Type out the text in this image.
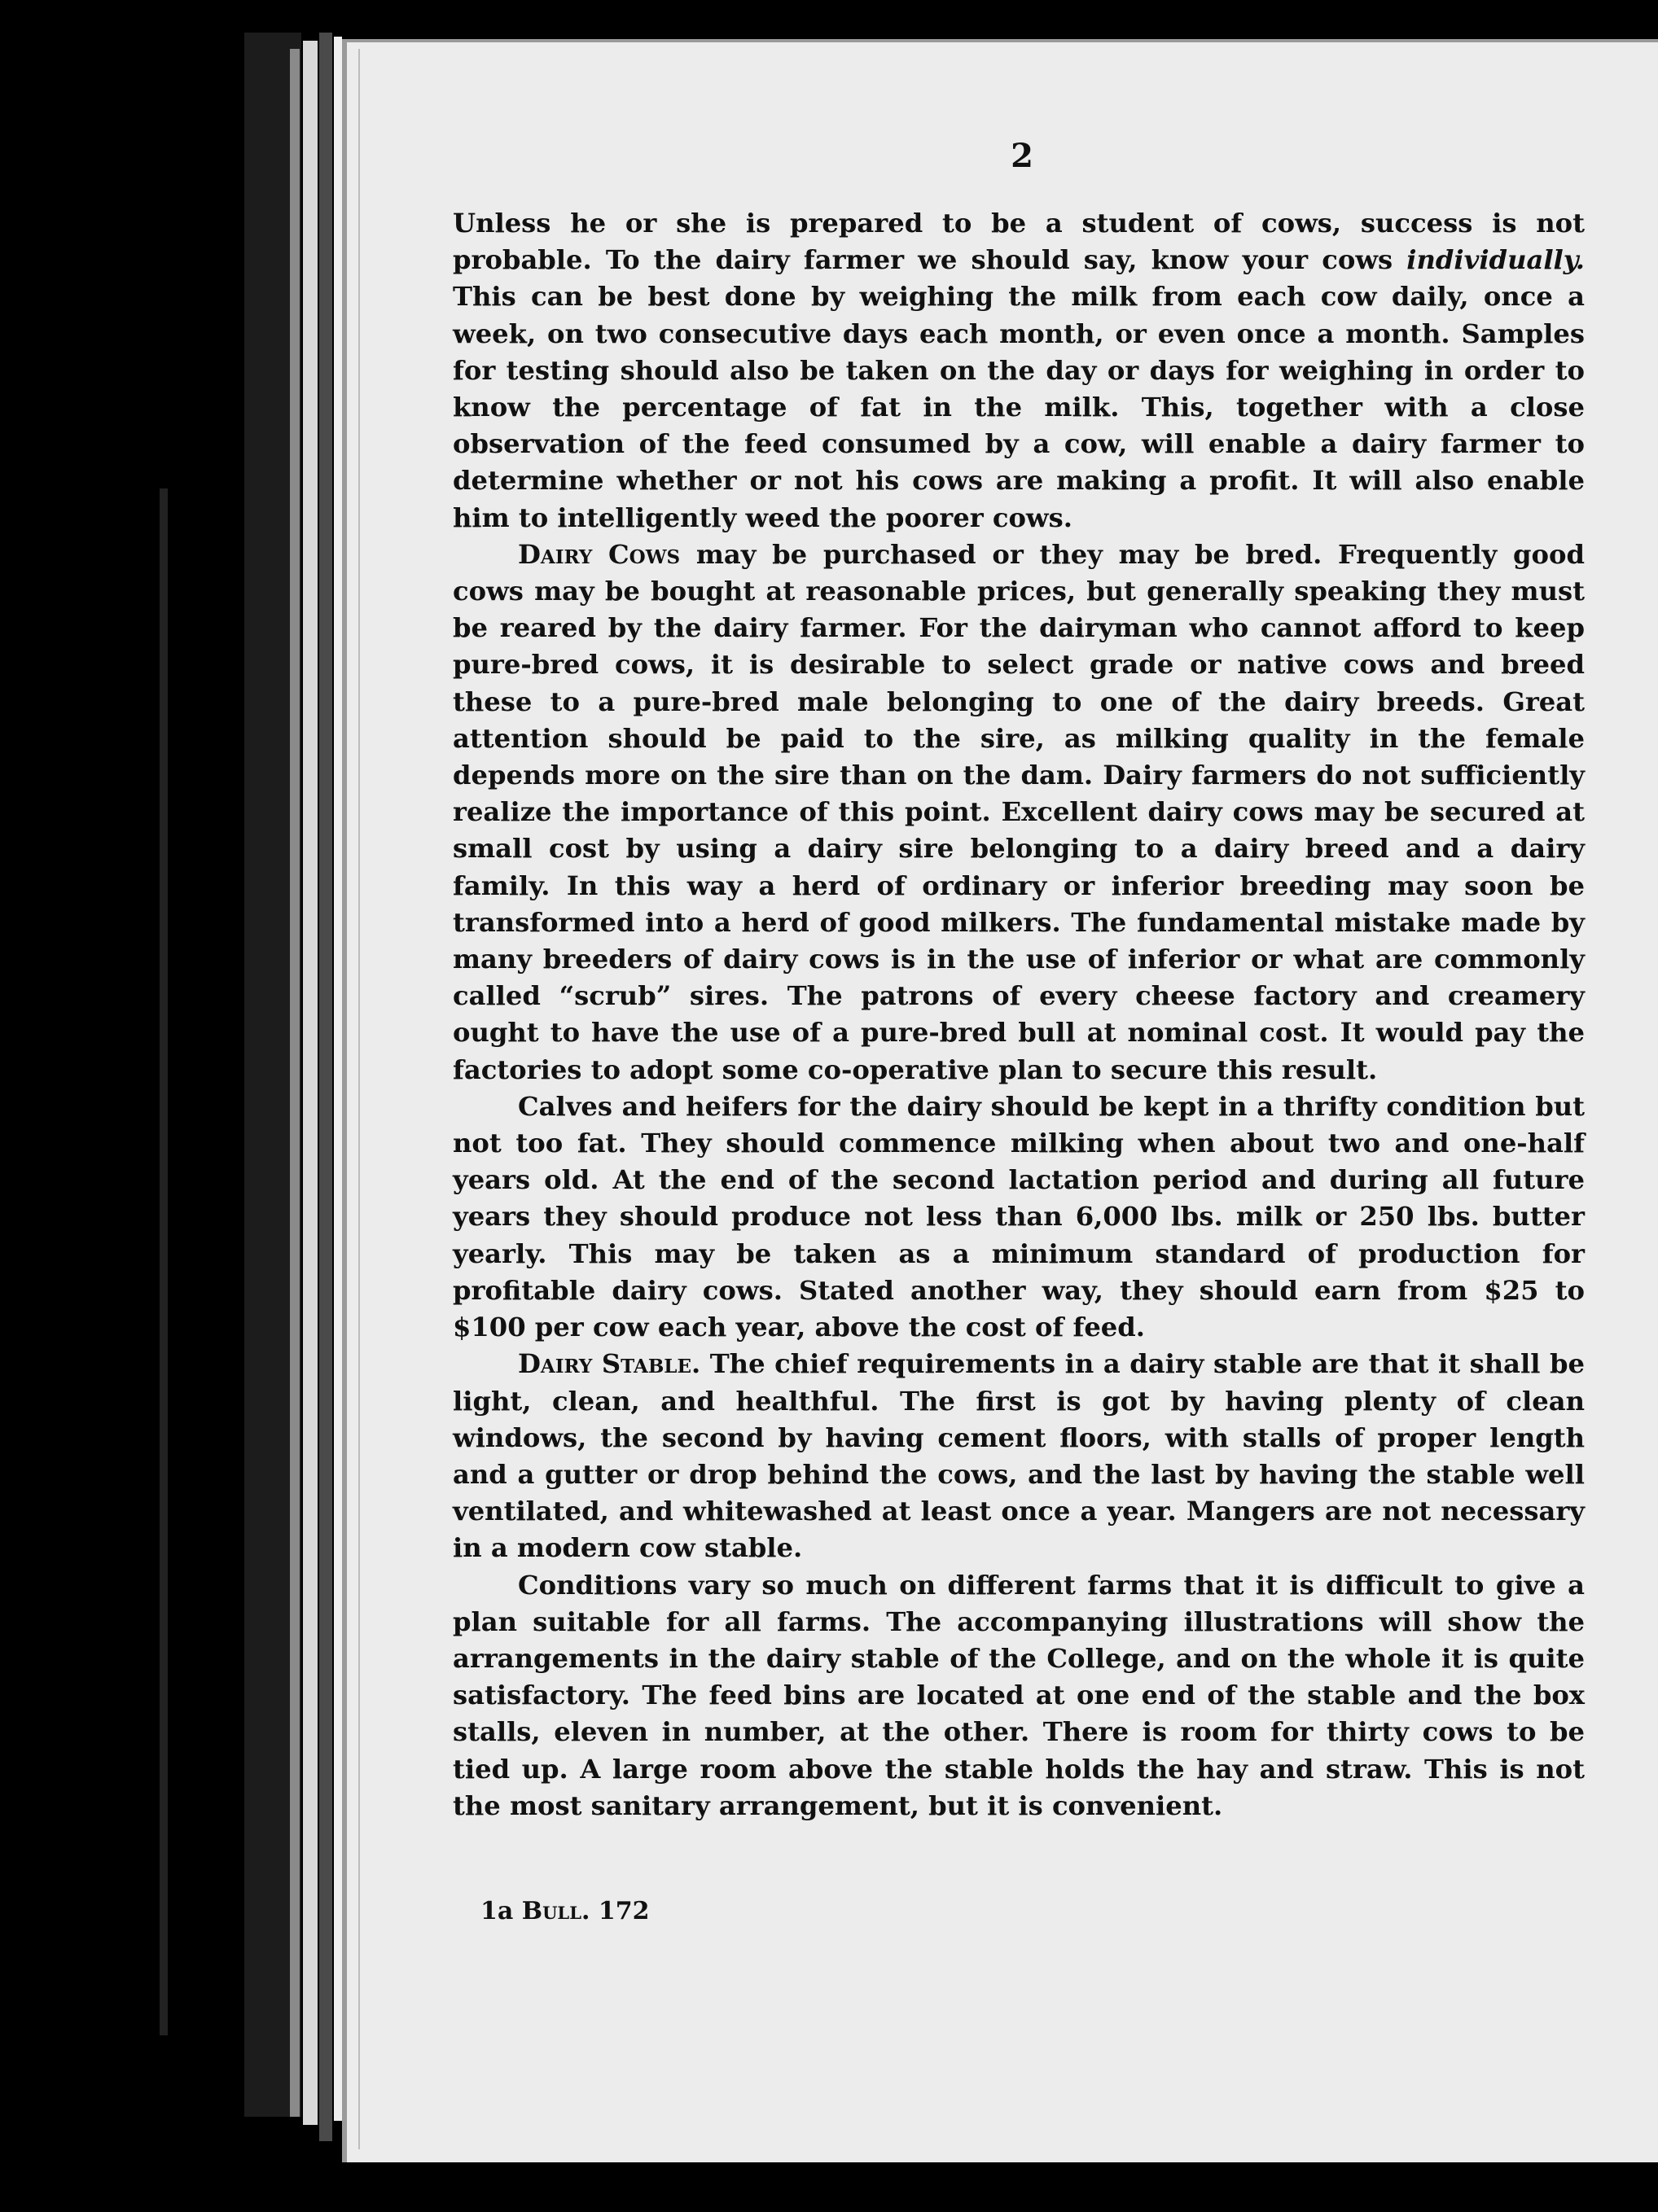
2

Unless he or she is prepared to be a student of cows, success is not probable. To the dairy farmer we should say, know your cows individually. This can be best done by weighing the milk from each cow daily, once a week, on two consecutive days each month, or even once a month. Samples for testing should also be taken on the day or days for weighing in order to know the percentage of fat in the milk. This, together with a close observation of the feed consumed by a cow, will enable a dairy farmer to determine whether or not his cows are making a profit. It will also enable him to intelligently weed the poorer cows.

Dairy Cows may be purchased or they may be bred. Frequently good cows may be bought at reasonable prices, but generally speaking they must be reared by the dairy farmer. For the dairyman who cannot afford to keep pure-bred cows, it is desirable to select grade or native cows and breed these to a pure-bred male belonging to one of the dairy breeds. Great attention should be paid to the sire, as milking quality in the female depends more on the sire than on the dam. Dairy farmers do not sufficiently realize the importance of this point. Excellent dairy cows may be secured at small cost by using a dairy sire belonging to a dairy breed and a dairy family. In this way a herd of ordinary or inferior breeding may soon be transformed into a herd of good milkers. The fundamental mistake made by many breeders of dairy cows is in the use of inferior or what are commonly called “scrub” sires. The patrons of every cheese factory and creamery ought to have the use of a pure-bred bull at nominal cost. It would pay the factories to adopt some co-operative plan to secure this result.

Calves and heifers for the dairy should be kept in a thrifty condition but not too fat. They should commence milking when about two and one-half years old. At the end of the second lactation period and during all future years they should produce not less than 6,000 lbs. milk or 250 lbs. butter yearly. This may be taken as a minimum standard of production for profitable dairy cows. Stated another way, they should earn from $25 to $100 per cow each year, above the cost of feed.

Dairy Stable. The chief requirements in a dairy stable are that it shall be light, clean, and healthful. The first is got by having plenty of clean windows, the second by having cement floors, with stalls of proper length and a gutter or drop behind the cows, and the last by having the stable well ventilated, and whitewashed at least once a year. Mangers are not necessary in a modern cow stable.

Conditions vary so much on different farms that it is difficult to give a plan suitable for all farms. The accompanying illustrations will show the arrangements in the dairy stable of the College, and on the whole it is quite satisfactory. The feed bins are located at one end of the stable and the box stalls, eleven in number, at the other. There is room for thirty cows to be tied up. A large room above the stable holds the hay and straw. This is not the most sanitary arrangement, but it is convenient.

1a Bull. 172
